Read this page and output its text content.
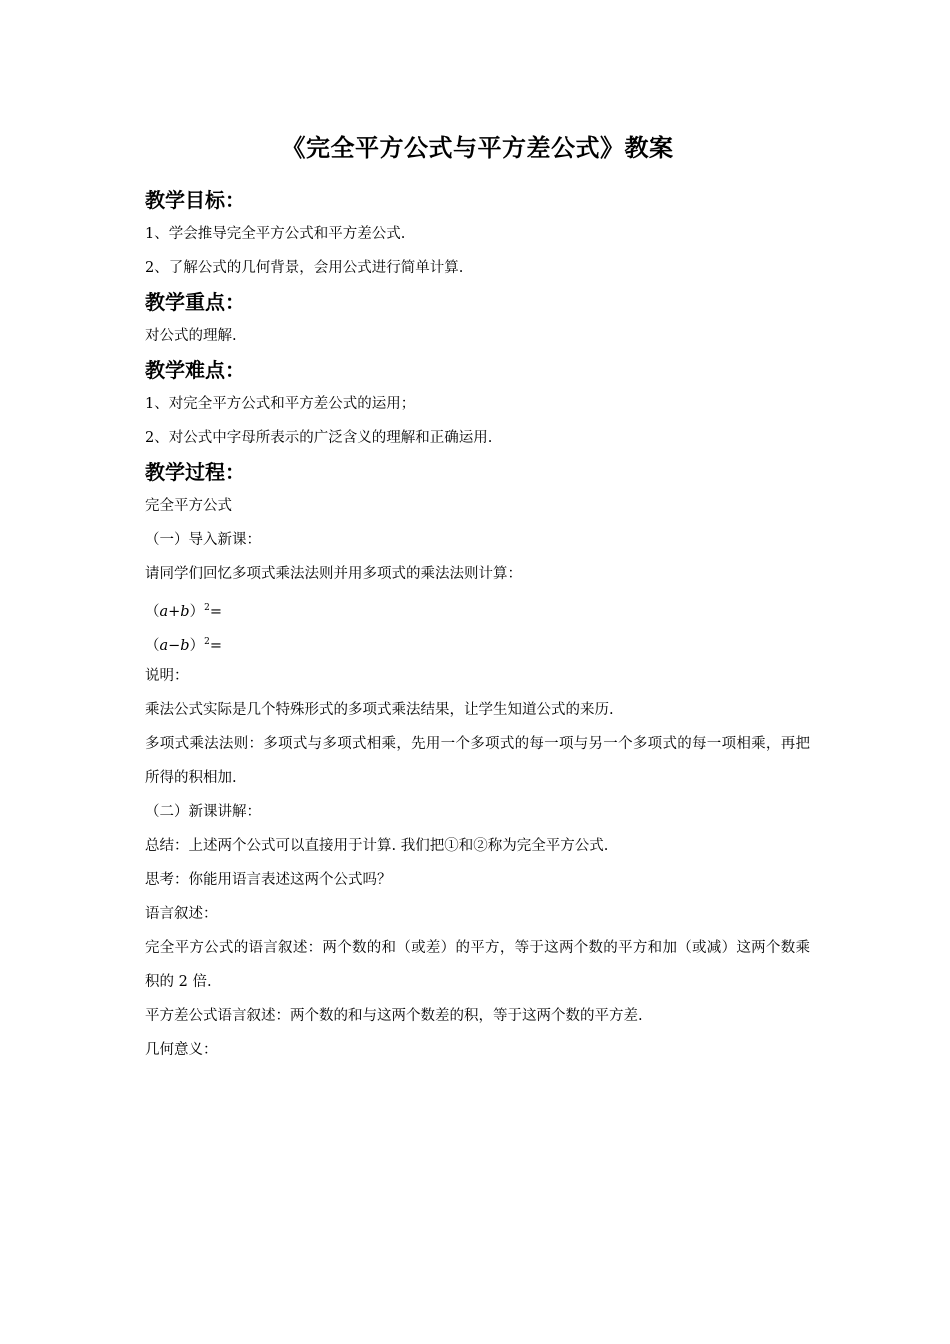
《完全平方公式与平方差公式》教案
教学目标：
1、学会推导完全平方公式和平方差公式.
2、了解公式的几何背景，会用公式进行简单计算.
教学重点：
对公式的理解.
教学难点：
1、对完全平方公式和平方差公式的运用；
2、对公式中字母所表示的广泛含义的理解和正确运用.
教学过程：
完全平方公式
（一）导入新课：
请同学们回忆多项式乘法法则并用多项式的乘法法则计算：
$(a+b)^2=$
$(a-b)^2=$
说明：
乘法公式实际是几个特殊形式的多项式乘法结果，让学生知道公式的来历.
多项式乘法法则：多项式与多项式相乘，先用一个多项式的每一项与另一个多项式的每一项相乘，再把所得的积相加.
（二）新课讲解：
总结：上述两个公式可以直接用于计算. 我们把①和②称为完全平方公式.
思考：你能用语言表述这两个公式吗？
语言叙述：
完全平方公式的语言叙述：两个数的和（或差）的平方，等于这两个数的平方和加（或减）这两个数乘积的 2 倍.
平方差公式语言叙述：两个数的和与这两个数差的积，等于这两个数的平方差.
几何意义：
